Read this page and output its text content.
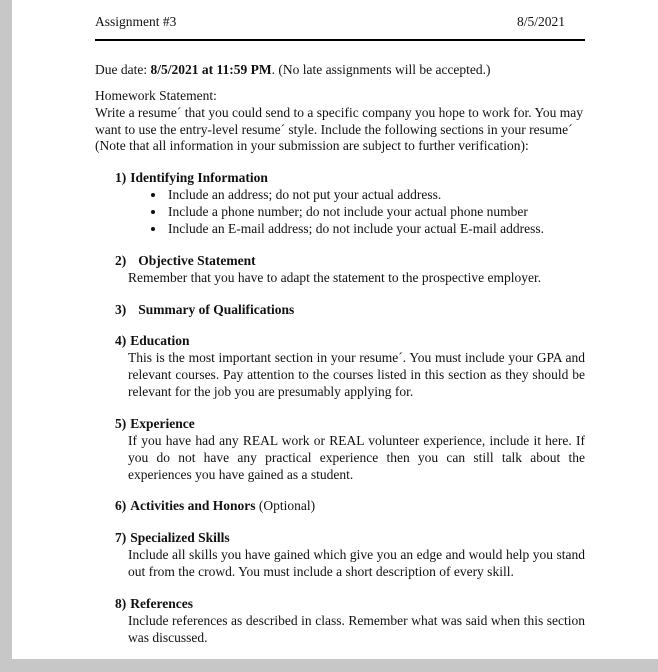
Assignment #3	8/5/2021

Due date: 8/5/2021 at 11:59 PM. (No late assignments will be accepted.)

Homework Statement:

Write a resume´ that you could send to a specific company you hope to work for. You may want to use the entry-level resume´ style. Include the following sections in your resume´ (Note that all information in your submission are subject to further verification):

1) Identifying Information
• Include an address; do not put your actual address.
• Include a phone number; do not include your actual phone number
• Include an E-mail address; do not include your actual E-mail address.
2) Objective Statement
Remember that you have to adapt the statement to the prospective employer.
3) Summary of Qualifications
4) Education
This is the most important section in your resume´. You must include your GPA and relevant courses. Pay attention to the courses listed in this section as they should be relevant for the job you are presumably applying for.
5) Experience
If you have had any REAL work or REAL volunteer experience, include it here. If you do not have any practical experience then you can still talk about the experiences you have gained as a student.
6) Activities and Honors (Optional)
7) Specialized Skills
Include all skills you have gained which give you an edge and would help you stand out from the crowd. You must include a short description of every skill.
8) References
Include references as described in class. Remember what was said when this section was discussed.
